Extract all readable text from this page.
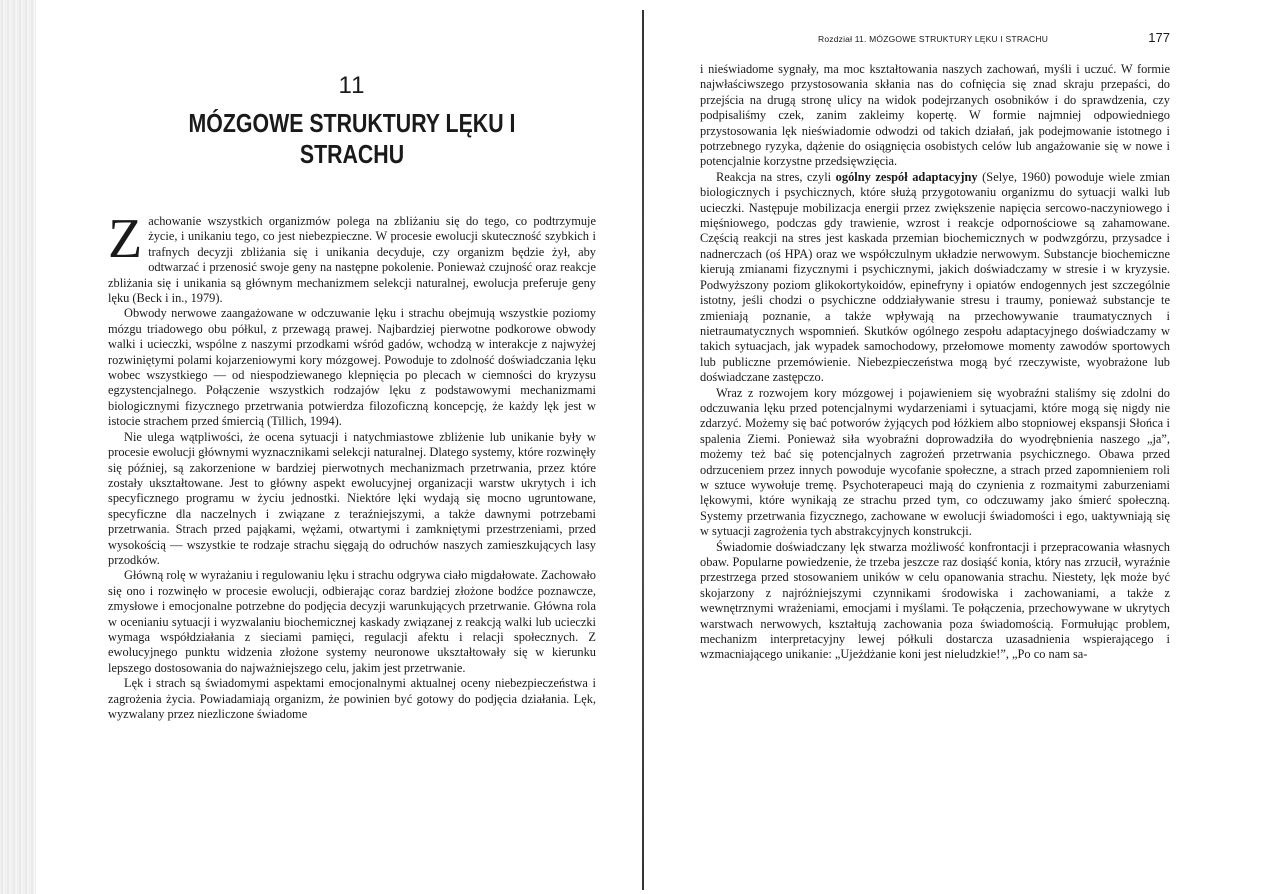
11
MÓZGOWE STRUKTURY LĘKU I STRACHU

Zachowanie wszystkich organizmów polega na zbliżaniu się do tego, co podtrzymuje życie, i unikaniu tego, co jest niebezpieczne. W procesie ewolucji skuteczność szybkich i trafnych decyzji zbliżania się i unikania decyduje, czy organizm będzie żył, aby odtwarzać i przenosić swoje geny na następne pokolenie. Ponieważ czujność oraz reakcje zbliżania się i unikania są głównym mechanizmem selekcji naturalnej, ewolucja preferuje geny lęku (Beck i in., 1979).

Obwody nerwowe zaangażowane w odczuwanie lęku i strachu obejmują wszystkie poziomy mózgu triadowego obu półkul, z przewagą prawej. Najbardziej pierwotne podkorowe obwody walki i ucieczki, wspólne z naszymi przodkami wśród gadów, wchodzą w interakcje z najwyżej rozwiniętymi polami kojarzeniowymi kory mózgowej. Powoduje to zdolność doświadczania lęku wobec wszystkiego — od niespodziewanego klepnięcia po plecach w ciemności do kryzysu egzystencjalnego. Połączenie wszystkich rodzajów lęku z podstawowymi mechanizmami biologicznymi fizycznego przetrwania potwierdza filozoficzną koncepcję, że każdy lęk jest w istocie strachem przed śmiercią (Tillich, 1994).

Nie ulega wątpliwości, że ocena sytuacji i natychmiastowe zbliżenie lub unikanie były w procesie ewolucji głównymi wyznacznikami selekcji naturalnej. Dlatego systemy, które rozwinęły się później, są zakorzenione w bardziej pierwotnych mechanizmach przetrwania, przez które zostały ukształtowane. Jest to główny aspekt ewolucyjnej organizacji warstw ukrytych i ich specyficznego programu w życiu jednostki. Niektóre lęki wydają się mocno ugruntowane, specyficzne dla naczelnych i związane z teraźniejszymi, a także dawnymi potrzebami przetrwania. Strach przed pająkami, wężami, otwartymi i zamkniętymi przestrzeniami, przed wysokością — wszystkie te rodzaje strachu sięgają do odruchów naszych zamieszkujących lasy przodków.

Główną rolę w wyrażaniu i regulowaniu lęku i strachu odgrywa ciało migdałowate. Zachowało się ono i rozwinęło w procesie ewolucji, odbierając coraz bardziej złożone bodźce poznawcze, zmysłowe i emocjonalne potrzebne do podjęcia decyzji warunkujących przetrwanie. Główna rola w ocenianiu sytuacji i wyzwalaniu biochemicznej kaskady związanej z reakcją walki lub ucieczki wymaga współdziałania z sieciami pamięci, regulacji afektu i relacji społecznych. Z ewolucyjnego punktu widzenia złożone systemy neuronowe ukształtowały się w kierunku lepszego dostosowania do najważniejszego celu, jakim jest przetrwanie.

Lęk i strach są świadomymi aspektami emocjonalnymi aktualnej oceny niebezpieczeństwa i zagrożenia życia. Powiadamiają organizm, że powinien być gotowy do podjęcia działania. Lęk, wyzwalany przez niezliczone świadome

Rozdział 11. MÓZGOWE STRUKTURY LĘKU I STRACHU	177

i nieświadome sygnały, ma moc kształtowania naszych zachowań, myśli i uczuć. W formie najwłaściwszego przystosowania skłania nas do cofnięcia się znad skraju przepaści, do przejścia na drugą stronę ulicy na widok podejrzanych osobników i do sprawdzenia, czy podpisaliśmy czek, zanim zakleimy kopertę. W formie najmniej odpowiedniego przystosowania lęk nieświadomie odwodzi od takich działań, jak podejmowanie istotnego i potrzebnego ryzyka, dążenie do osiągnięcia osobistych celów lub angażowanie się w nowe i potencjalnie korzystne przedsięwzięcia.

Reakcja na stres, czyli ogólny zespół adaptacyjny (Selye, 1960) powoduje wiele zmian biologicznych i psychicznych, które służą przygotowaniu organizmu do sytuacji walki lub ucieczki. Następuje mobilizacja energii przez zwiększenie napięcia sercowo-naczyniowego i mięśniowego, podczas gdy trawienie, wzrost i reakcje odpornościowe są zahamowane. Częścią reakcji na stres jest kaskada przemian biochemicznych w podwzgórzu, przysadce i nadnerczach (oś HPA) oraz we współczulnym układzie nerwowym. Substancje biochemiczne kierują zmianami fizycznymi i psychicznymi, jakich doświadczamy w stresie i w kryzysie. Podwyższony poziom glikokortykoidów, epinefryny i opiatów endogennych jest szczególnie istotny, jeśli chodzi o psychiczne oddziaływanie stresu i traumy, ponieważ substancje te zmieniają poznanie, a także wpływają na przechowywanie traumatycznych i nietraumatycznych wspomnień. Skutków ogólnego zespołu adaptacyjnego doświadczamy w takich sytuacjach, jak wypadek samochodowy, przełomowe momenty zawodów sportowych lub publiczne przemówienie. Niebezpieczeństwa mogą być rzeczywiste, wyobrażone lub doświadczane zastępczo.

Wraz z rozwojem kory mózgowej i pojawieniem się wyobraźni staliśmy się zdolni do odczuwania lęku przed potencjalnymi wydarzeniami i sytuacjami, które mogą się nigdy nie zdarzyć. Możemy się bać potworów żyjących pod łóżkiem albo stopniowej ekspansji Słońca i spalenia Ziemi. Ponieważ siła wyobraźni doprowadziła do wyodrębnienia naszego „ja”, możemy też bać się potencjalnych zagrożeń przetrwania psychicznego. Obawa przed odrzuceniem przez innych powoduje wycofanie społeczne, a strach przed zapomnieniem roli w sztuce wywołuje tremę. Psychoterapeuci mają do czynienia z rozmaitymi zaburzeniami lękowymi, które wynikają ze strachu przed tym, co odczuwamy jako śmierć społeczną. Systemy przetrwania fizycznego, zachowane w ewolucji świadomości i ego, uaktywniają się w sytuacji zagrożenia tych abstrakcyjnych konstrukcji.

Świadomie doświadczany lęk stwarza możliwość konfrontacji i przepracowania własnych obaw. Popularne powiedzenie, że trzeba jeszcze raz dosiąść konia, który nas zrzucił, wyraźnie przestrzega przed stosowaniem uników w celu opanowania strachu. Niestety, lęk może być skojarzony z najróżniejszymi czynnikami środowiska i zachowaniami, a także z wewnętrznymi wrażeniami, emocjami i myślami. Te połączenia, przechowywane w ukrytych warstwach nerwowych, kształtują zachowania poza świadomością. Formułując problem, mechanizm interpretacyjny lewej półkuli dostarcza uzasadnienia wspierającego i wzmacniającego unikanie: „Ujeżdżanie koni jest nieludzkie!”, „Po co nam sa-
